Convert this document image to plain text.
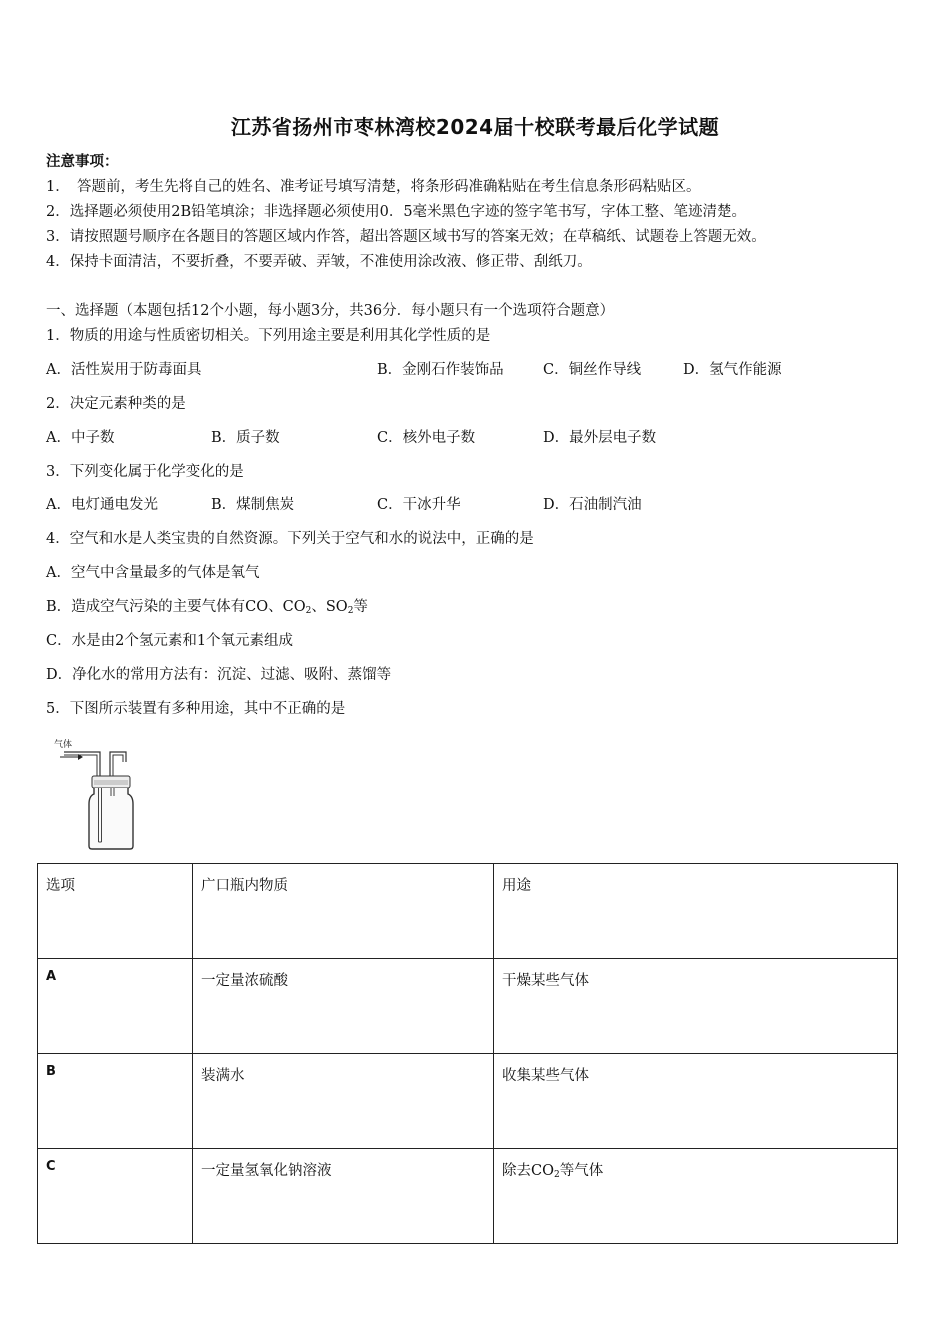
江苏省扬州市枣林湾校2024届十校联考最后化学试题
注意事项：
1．　答题前，考生先将自己的姓名、准考证号填写清楚，将条形码准确粘贴在考生信息条形码粘贴区。
2．选择题必须使用2B铅笔填涂；非选择题必须使用0．5毫米黑色字迹的签字笔书写，字体工整、笔迹清楚。
3．请按照题号顺序在各题目的答题区域内作答，超出答题区域书写的答案无效；在草稿纸、试题卷上答题无效。
4．保持卡面清洁，不要折叠，不要弄破、弄皱，不准使用涂改液、修正带、刮纸刀。
一、选择题（本题包括12个小题，每小题3分，共36分．每小题只有一个选项符合题意）
1．物质的用途与性质密切相关。下列用途主要是利用其化学性质的是
A．活性炭用于防毒面具	B．金刚石作装饰品	C．铜丝作导线	D．氢气作能源
2．决定元素种类的是
A．中子数	B．质子数	C．核外电子数	D．最外层电子数
3．下列变化属于化学变化的是
A．电灯通电发光	B．煤制焦炭	C．干冰升华	D．石油制汽油
4．空气和水是人类宝贵的自然资源。下列关于空气和水的说法中，正确的是
A．空气中含量最多的气体是氧气
B．造成空气污染的主要气体有CO、$CO_2$、$SO_2$等
C．水是由2个氢元素和1个氧元素组成
D．净化水的常用方法有：沉淀、过滤、吸附、蒸馏等
5．下图所示装置有多种用途，其中不正确的是
气体
选项	广口瓶内物质	用途
A	一定量浓硫酸	干燥某些气体
B	装满水	收集某些气体
C	一定量氢氧化钠溶液	除去$CO_2$等气体
